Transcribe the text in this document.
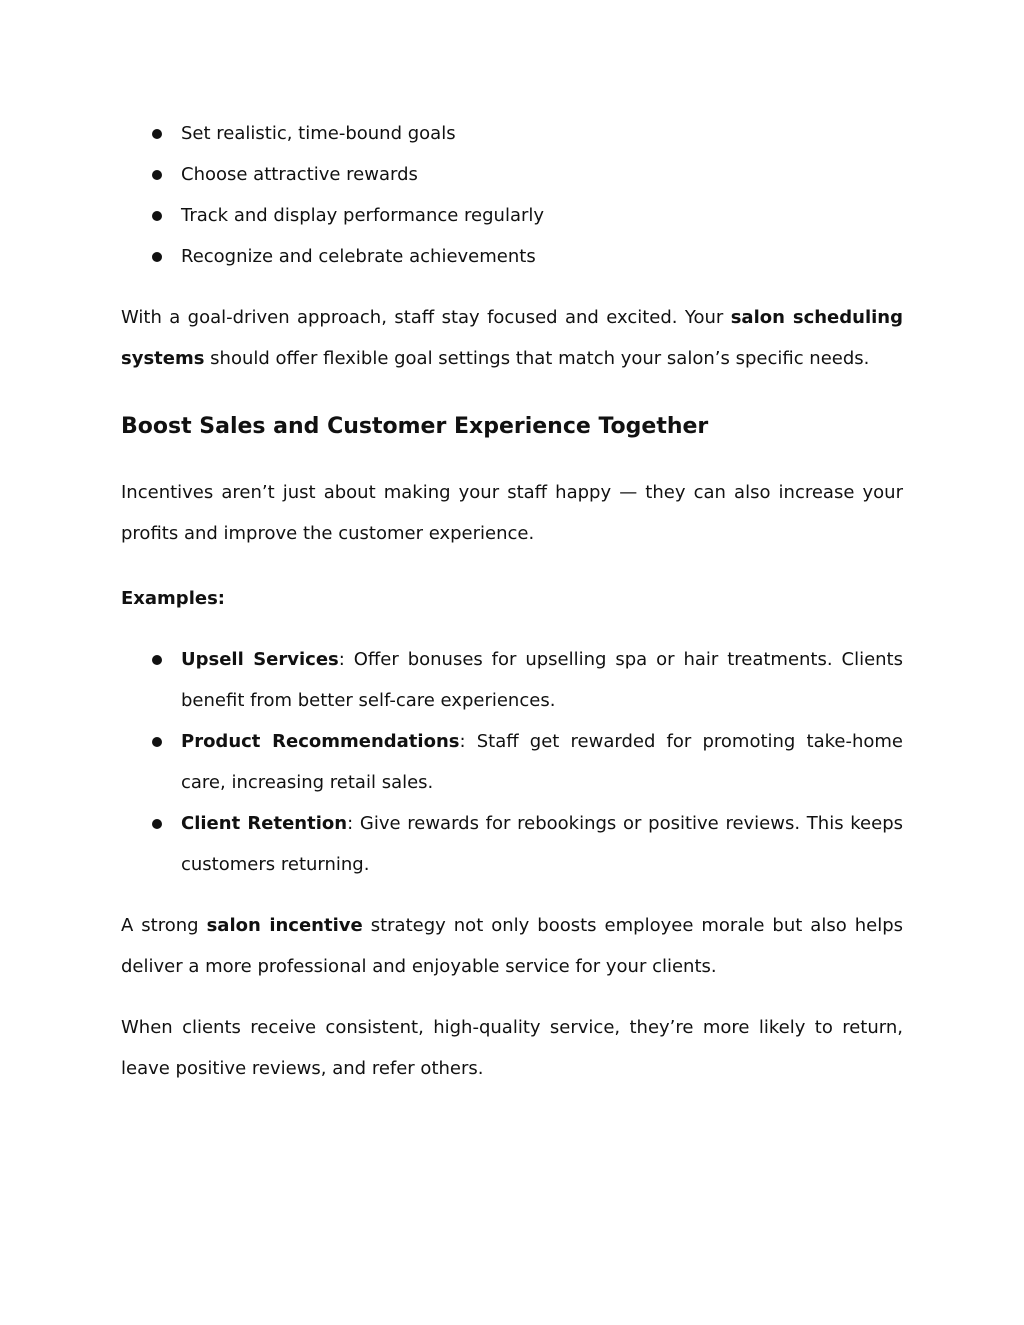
Set realistic, time-bound goals
Choose attractive rewards
Track and display performance regularly
Recognize and celebrate achievements

With a goal-driven approach, staff stay focused and excited. Your salon scheduling systems should offer flexible goal settings that match your salon’s specific needs.

Boost Sales and Customer Experience Together

Incentives aren’t just about making your staff happy — they can also increase your profits and improve the customer experience.

Examples:

Upsell Services: Offer bonuses for upselling spa or hair treatments. Clients benefit from better self-care experiences.
Product Recommendations: Staff get rewarded for promoting take-home care, increasing retail sales.
Client Retention: Give rewards for rebookings or positive reviews. This keeps customers returning.

A strong salon incentive strategy not only boosts employee morale but also helps deliver a more professional and enjoyable service for your clients.

When clients receive consistent, high-quality service, they’re more likely to return, leave positive reviews, and refer others.
